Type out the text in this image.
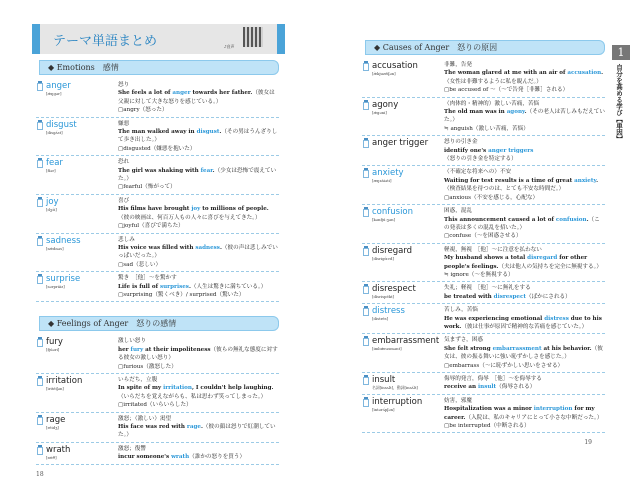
テーマ単語まとめ	♪音声
◆ Emotions　感情
anger
[ǽŋgər]
怒り
She feels a lot of anger towards her father.（彼女は父親に対して大きな怒りを感じている。）
▢angry（怒った）
disgust
[disgʌ́st]
嫌悪
The man walked away in disgust.（その男はうんざりして歩き出した。）
▢disgusted（嫌悪を抱いた）
fear
[fíər]
恐れ
The girl was shaking with fear.（少女は恐怖で震えていた。）
▢fearful（怖がって）
joy
[dʒɔ́i]
喜び
His films have brought joy to millions of people.（彼の映画は、何百万人もの人々に喜びを与えてきた。）
▢joyful（喜びで満ちた）
sadness
[sǽdnəs]
悲しみ
His voice was filled with sadness.（彼の声は悲しみでいっぱいだった。）
▢sad（悲しい）
surprise
[sərpráiz]
驚き　［他］～を驚かす
Life is full of surprises.（人生は驚きに満ちている。）
▢surprising（驚くべき）/ surprised（驚いた）
◆ Feelings of Anger　怒りの感情
fury
[fjúəri]
激しい怒り
her fury at their impoliteness（彼らの無礼な態度に対する彼女の激しい怒り）
▢furious（激怒した）
irritation
[ìritéiʃən]
いらだち，立腹
In spite of my irritation, I couldn't help laughing.（いらだちを覚えながらも、私は思わず笑ってしまった。）
▢irritated（いらいらした）
rage
[réidʒ]
激怒；（激しい）渇望
His face was red with rage.（彼の顔は怒りで紅潮していた。）
wrath
[rǽθ]
激怒；復讐
incur someone's wrath（誰かの怒りを買う）
18
◆ Causes of Anger　怒りの原因
accusation
[æ̀kjuzéiʃən]
非難，告発
The woman glared at me with an air of accusation.（女性は非難するように私を睨んだ。）
▢be accused of ～（～で告発［非難］される）
agony
[ǽgəni]
（肉体的・精神的）激しい苦痛，苦悩
The old man was in agony.（その老人は苦しみもだえていた。）
≒ anguish（激しい苦痛，苦悩）
anger trigger	怒りの引き金
identify one's anger triggers（怒りの引き金を特定する）
anxiety
[æŋzáiəti]
（不確定な将来への）不安
Waiting for test results is a time of great anxiety.（検査結果を待つのは、とても不安な時間だ。）
▢anxious（不安を感じる，心配な）
confusion
[kənfjúːʒən]
困惑，混乱
This announcement caused a lot of confusion.（この発表は多くの混乱を招いた。）
▢confuse（～を困惑させる）
disregard
[dìsrigɑ́ːrd]
軽視，無視　［他］～に注意を払わない
My husband shows a total disregard for other people's feelings.（夫は他人の気持ちを完全に無視する。）
≒ ignore（～を無視する）
disrespect
[dìsrispékt]
失礼；軽視　［他］～に無礼をする
be treated with disrespect（ばかにされる）
distress
[distrés]
苦しみ，苦悩
He was experiencing emotional distress due to his work.（彼は仕事が原因で精神的な苦痛を感じていた。）
embarrassment
[imbǽrəsmənt]
気まずさ，困惑
She felt strong embarrassment at his behavior.（彼女は、彼の振る舞いに強い恥ずかしさを感じた。）
▢embarrass（～に恥ずかしい思いをさせる）
insult
名詞[ínsʌlt]，動詞[insʌ́lt]
侮辱的発言，侮辱　［他］～を侮辱する
receive an insult（侮辱される）
interruption
[ìntərʌ́pʃən]
妨害，邪魔
Hospitalization was a minor interruption for my career.（入院は、私のキャリアにとって小さな中断だった。）
▢be interrupted（中断される）
19
1
自分を高める学び【単因】
